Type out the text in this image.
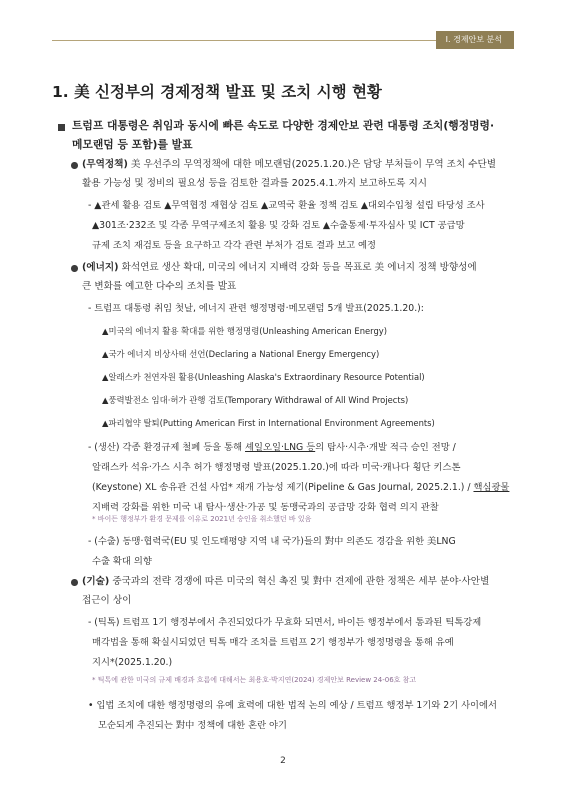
Ⅰ. 경제안보 분석
1. 美 신정부의 경제정책 발표 및 조치 시행 현황
트럼프 대통령은 취임과 동시에 빠른 속도로 다양한 경제안보 관련 대통령 조치(행정명령·
메모랜덤 등 포함)를 발표
(무역정책) 美 우선주의 무역정책에 대한 메모랜덤(2025.1.20.)은 담당 부처들이 무역 조치 수단별
활용 가능성 및 정비의 필요성 등을 검토한 결과를 2025.4.1.까지 보고하도록 지시
- ▲관세 활용 검토 ▲무역협정 재협상 검토 ▲교역국 환율 정책 검토 ▲대외수입청 설립 타당성 조사
▲301조·232조 및 각종 무역구제조치 활용 및 강화 검토 ▲수출통제·투자심사 및 ICT 공급망
규제 조치 재검토 등을 요구하고 각각 관련 부처가 검토 결과 보고 예정
(에너지) 화석연료 생산 확대, 미국의 에너지 지배력 강화 등을 목표로 美 에너지 정책 방향성에
큰 변화를 예고한 다수의 조치를 발표
- 트럼프 대통령 취임 첫날, 에너지 관련 행정명령·메모랜덤 5개 발표(2025.1.20.):
▲미국의 에너지 활용 확대를 위한 행정명령(Unleashing American Energy)
▲국가 에너지 비상사태 선언(Declaring a National Energy Emergency)
▲알래스카 천연자원 활용(Unleashing Alaska's Extraordinary Resource Potential)
▲풍력발전소 임대·허가 관행 검토(Temporary Withdrawal of All Wind Projects)
▲파리협약 탈퇴(Putting American First in International Environment Agreements)
- (생산) 각종 환경규제 철폐 등을 통해 셰일오일·LNG 등의 탐사·시추·개발 적극 승인 전망 /
알래스카 석유·가스 시추 허가 행정명령 발표(2025.1.20.)에 따라 미국·캐나다 횡단 키스톤
(Keystone) XL 송유관 건설 사업* 재개 가능성 제기(Pipeline & Gas Journal, 2025.2.1.) / 핵심광물
지배력 강화를 위한 미국 내 탐사·생산·가공 및 동맹국과의 공급망 강화 협력 의지 관찰
* 바이든 행정부가 환경 문제를 이유로 2021년 승인을 취소했던 바 있음
- (수출) 동맹·협력국(EU 및 인도태평양 지역 내 국가)들의 對中 의존도 경감을 위한 美LNG
수출 확대 의향
(기술) 중국과의 전략 경쟁에 따른 미국의 혁신 촉진 및 對中 견제에 관한 정책은 세부 분야·사안별
접근이 상이
- (틱톡) 트럼프 1기 행정부에서 추진되었다가 무효화 되면서, 바이든 행정부에서 통과된 틱톡강제
매각법을 통해 확실시되었던 틱톡 매각 조치를 트럼프 2기 행정부가 행정명령을 통해 유예
지시*(2025.1.20.)
* 틱톡에 관한 미국의 규제 배경과 흐름에 대해서는 최용호·박지연(2024) 경제안보 Review 24-06호 참고
• 입법 조치에 대한 행정명령의 유예 효력에 대한 법적 논의 예상 / 트럼프 행정부 1기와 2기 사이에서
모순되게 추진되는 對中 정책에 대한 혼란 야기
2
